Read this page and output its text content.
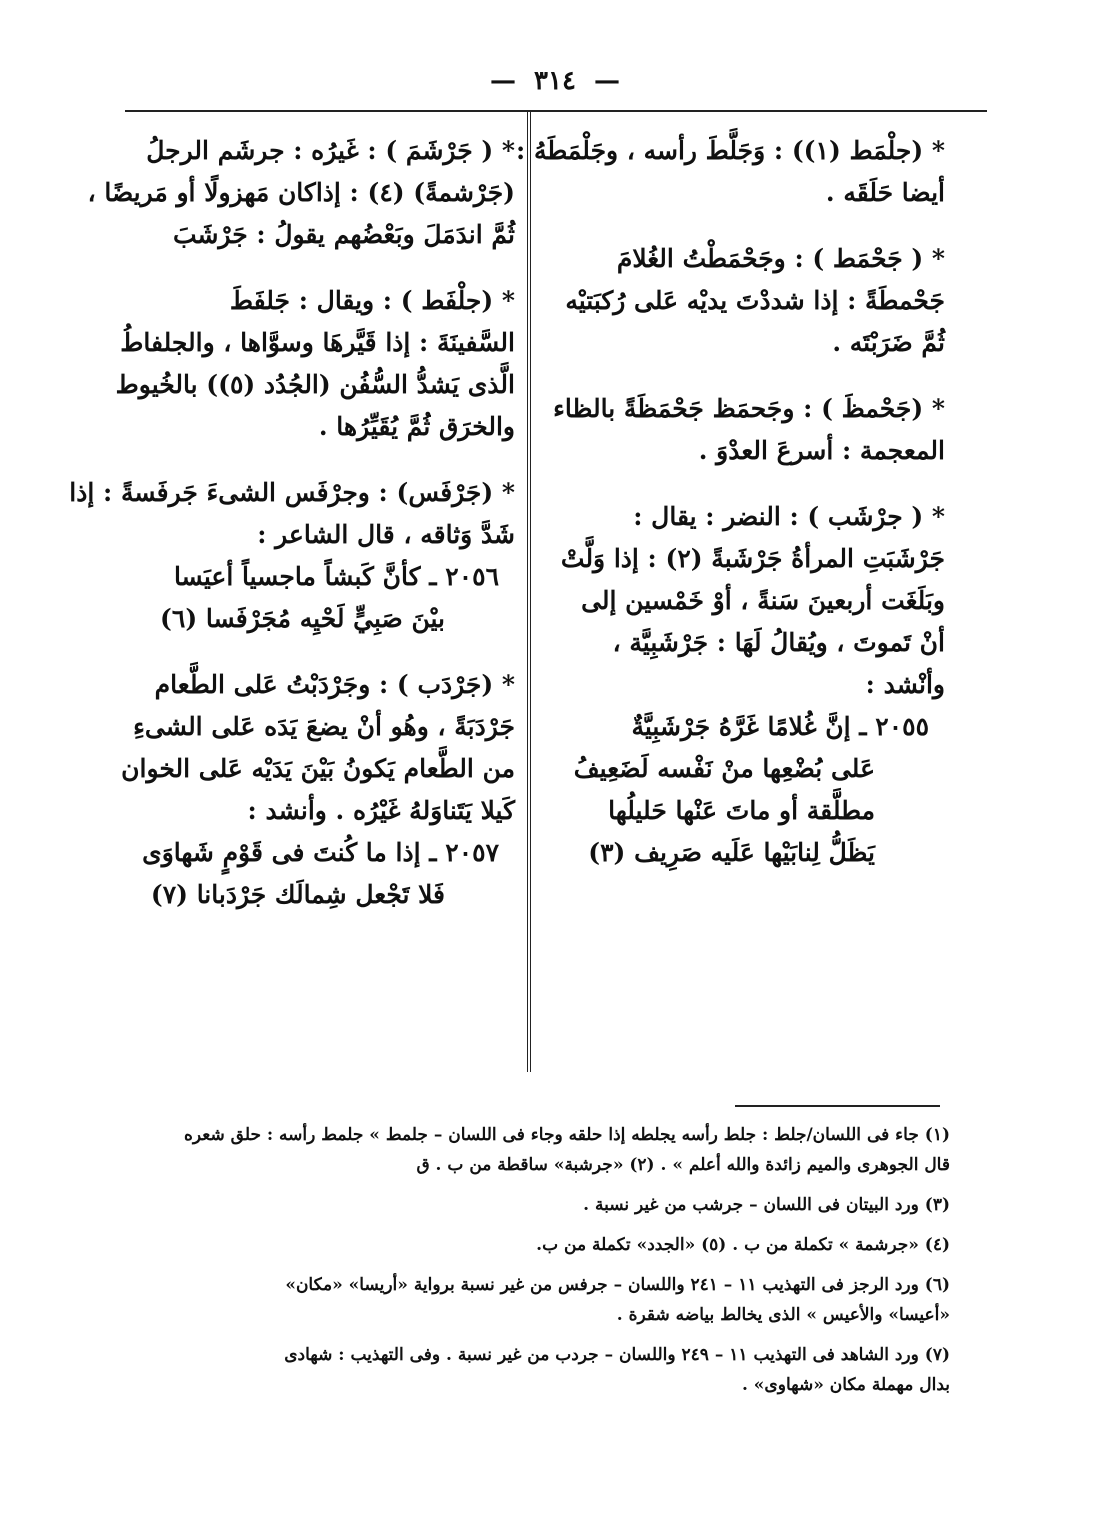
— ٣١٤ —
* (جلْمَط (١)) : وَجَلَّطَ رأسه ، وجَلْمَطَهُ :
أيضا حَلَقَه .
* ( جَحْمَط ) : وجَحْمَطْتُ الغُلامَ
جَحْمطَةً : إذا شددْتَ يديْه عَلى رُكبَتيْه
ثُمَّ ضَرَبْتَه .
* (جَحْمظَ ) : وجَحمَظ جَحْمَظَةً بالظاء
المعجمة : أسرعَ العدْوَ .
* ( جرْشَب ) : النضر : يقال :
جَرْشَبَتِ المرأةُ جَرْشَبةً (٢) : إذا وَلَّتْ
وبَلَغَت أربعينَ سَنةً ، أوْ خَمْسين إلى
أنْ تَموتَ ، ويُقالُ لَهَا : جَرْشَبِيَّة ،
وأنْشد :
٢٠٥٥ ـ إنَّ غُلامًا غَرَّهُ جَرْشَبِيَّةٌ
عَلى بُضْعِها منْ نَفْسه لَضَعِيفُ
مطلَّقة أو ماتَ عَنْها حَليلُها
يَظَلُّ لِنابَيْها عَلَيه صَرِيف (٣)
* ( جَرْشَمَ ) : غَيرُه : جرشَم الرجلُ
(جَرْشمةً) (٤) : إذاكان مَهزولًا أو مَريضًا ،
ثُمَّ اندَمَلَ وبَعْضُهم يقولُ : جَرْشَبَ
* (جلْفَط ) : ويقال : جَلفَطَ
السَّفينَةَ : إذا قَيَّرهَا وسوَّاها ، والجلفاطُ
الَّذى يَشدُّ السُّفُن (الجُدُد (٥)) بالخُيوط
والخرَق ثُمَّ يُقَيِّرُها .
* (جَرْفَس) : وجرْفَس الشىءَ جَرفَسةً : إذا
شَدَّ وَثاقه ، قال الشاعر :
٢٠٥٦ ـ كأنَّ كَبشاً ماجسياً أعيَسا
بيْنَ صَبِيٍّ لَحْيِه مُجَرْفَسا (٦)
* (جَرْدَب ) : وجَرْدَبْتُ عَلى الطَّعام
جَرْدَبَةً ، وهُو أنْ يضعَ يَدَه عَلى الشىءِ
من الطَّعام يَكونُ بَيْنَ يَدَيْه عَلى الخوان
كَيلا يَتَناوَلهُ غَيْرُه . وأنشد :
٢٠٥٧ ـ إذا ما كُنتَ فى قَوْمٍ شَهاوَى
فَلا تَجْعل شِمالَك جَرْدَبانا (٧)
(١) جاء فى اللسان/جلط : جلط رأسه يجلطه إذا حلقه وجاء فى اللسان – جلمط » جلمط رأسه : حلق شعره
قال الجوهرى والميم زائدة والله أعلم » . (٢) «جرشبة» ساقطة من ب . ق
(٣) ورد البيتان فى اللسان – جرشب من غير نسبة .
(٤) «جرشمة » تكملة من ب . (٥) «الجدد» تكملة من ب.
(٦) ورد الرجز فى التهذيب ١١ – ٢٤١ واللسان – جرفس من غير نسبة برواية «أريسا» «مكان»
«أعيسا» والأعيس » الذى يخالط بياضه شقرة .
(٧) ورد الشاهد فى التهذيب ١١ – ٢٤٩ واللسان – جردب من غير نسبة . وفى التهذيب : شهادى
بدال مهملة مكان «شهاوى» .
